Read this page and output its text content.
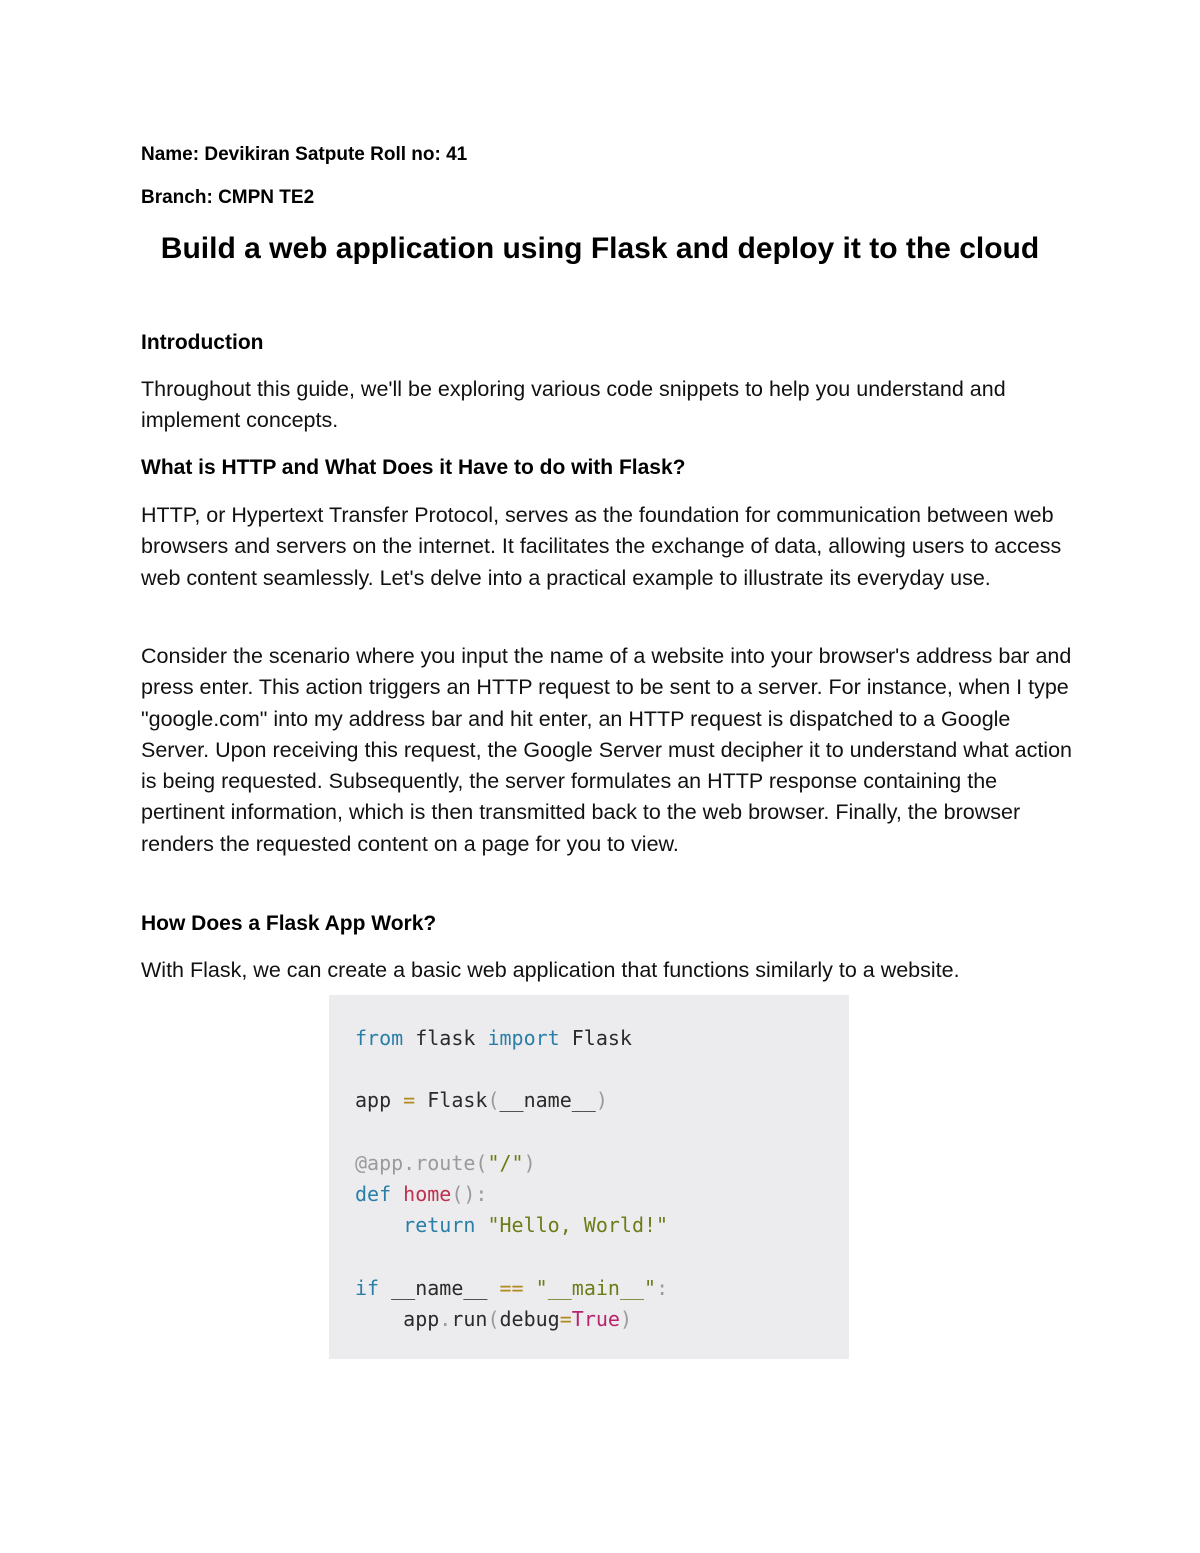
Name: Devikiran Satpute Roll no: 41
Branch: CMPN TE2
Build a web application using Flask and deploy it to the cloud
Introduction
Throughout this guide, we'll be exploring various code snippets to help you understand and implement concepts.
What is HTTP and What Does it Have to do with Flask?
HTTP, or Hypertext Transfer Protocol, serves as the foundation for communication between web browsers and servers on the internet. It facilitates the exchange of data, allowing users to access web content seamlessly. Let's delve into a practical example to illustrate its everyday use.
Consider the scenario where you input the name of a website into your browser's address bar and press enter. This action triggers an HTTP request to be sent to a server. For instance, when I type "google.com" into my address bar and hit enter, an HTTP request is dispatched to a Google Server. Upon receiving this request, the Google Server must decipher it to understand what action is being requested. Subsequently, the server formulates an HTTP response containing the pertinent information, which is then transmitted back to the web browser. Finally, the browser renders the requested content on a page for you to view.
How Does a Flask App Work?
With Flask, we can create a basic web application that functions similarly to a website.
from flask import Flask

app = Flask(__name__)

@app.route("/")
def home():
return "Hello, World!"

if __name__ == "__main__":
app.run(debug=True)
